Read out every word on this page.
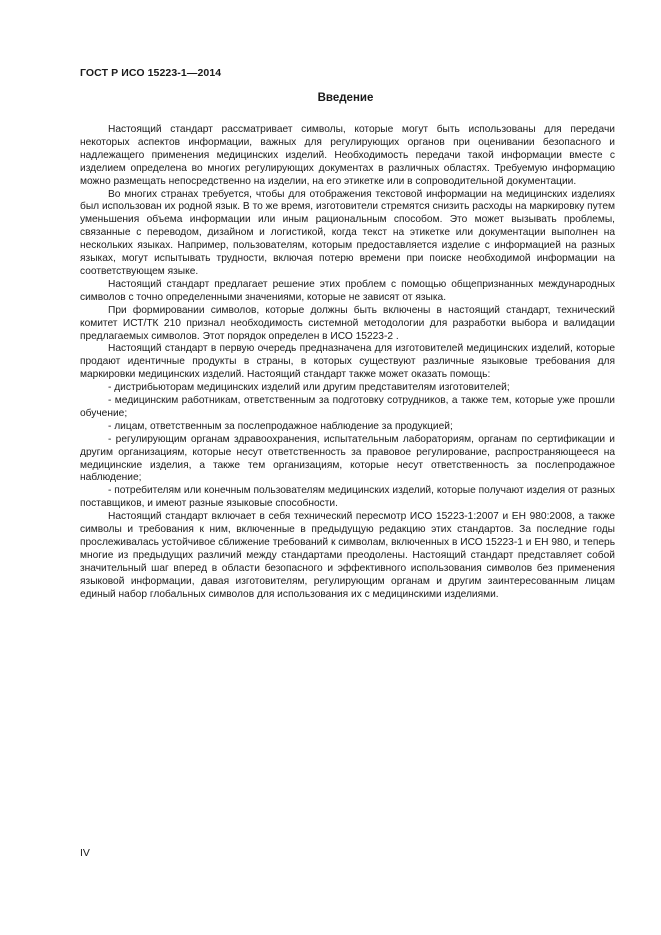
ГОСТ Р ИСО 15223-1—2014
Введение

Настоящий стандарт рассматривает символы, которые могут быть использованы для передачи некоторых аспектов информации, важных для регулирующих органов при оценивании безопасного и надлежащего применения медицинских изделий. Необходимость передачи такой информации вместе с изделием определена во многих регулирующих документах в различных областях. Требуемую информацию можно размещать непосредственно на изделии, на его этикетке или в сопроводительной документации.

Во многих странах требуется, чтобы для отображения текстовой информации на медицинских изделиях был использован их родной язык. В то же время, изготовители стремятся снизить расходы на маркировку путем уменьшения объема информации или иным рациональным способом. Это может вызывать проблемы, связанные с переводом, дизайном и логистикой, когда текст на этикетке или документации выполнен на нескольких языках. Например, пользователям, которым предоставляется изделие с информацией на разных языках, могут испытывать трудности, включая потерю времени при поиске необходимой информации на соответствующем языке.

Настоящий стандарт предлагает решение этих проблем с помощью общепризнанных международных символов с точно определенными значениями, которые не зависят от языка.

При формировании символов, которые должны быть включены в настоящий стандарт, технический комитет ИСТ/ТК 210 признал необходимость системной методологии для разработки выбора и валидации предлагаемых символов. Этот порядок определен в ИСО 15223-2 .

Настоящий стандарт в первую очередь предназначена для изготовителей медицинских изделий, которые продают идентичные продукты в страны, в которых существуют различные языковые требования для маркировки медицинских изделий. Настоящий стандарт также может оказать помощь:

- дистрибьюторам медицинских изделий или другим представителям изготовителей;

- медицинским работникам, ответственным за подготовку сотрудников, а также тем, которые уже прошли обучение;

- лицам, ответственным за послепродажное наблюдение за продукцией;

- регулирующим органам здравоохранения, испытательным лабораториям, органам по сертификации и другим организациям, которые несут ответственность за правовое регулирование, распространяющееся на медицинские изделия, а также тем организациям, которые несут ответственность за послепродажное наблюдение;

- потребителям или конечным пользователям медицинских изделий, которые получают изделия от разных поставщиков, и имеют разные языковые способности.

Настоящий стандарт включает в себя технический пересмотр ИСО 15223-1:2007 и ЕН 980:2008, а также символы и требования к ним, включенные в предыдущую редакцию этих стандартов. За последние годы прослеживалась устойчивое сближение требований к символам, включенных в ИСО 15223-1 и ЕН 980, и теперь многие из предыдущих различий между стандартами преодолены. Настоящий стандарт представляет собой значительный шаг вперед в области безопасного и эффективного использования символов без применения языковой информации, давая изготовителям, регулирующим органам и другим заинтересованным лицам единый набор глобальных символов для использования их с медицинскими изделиями.

IV
